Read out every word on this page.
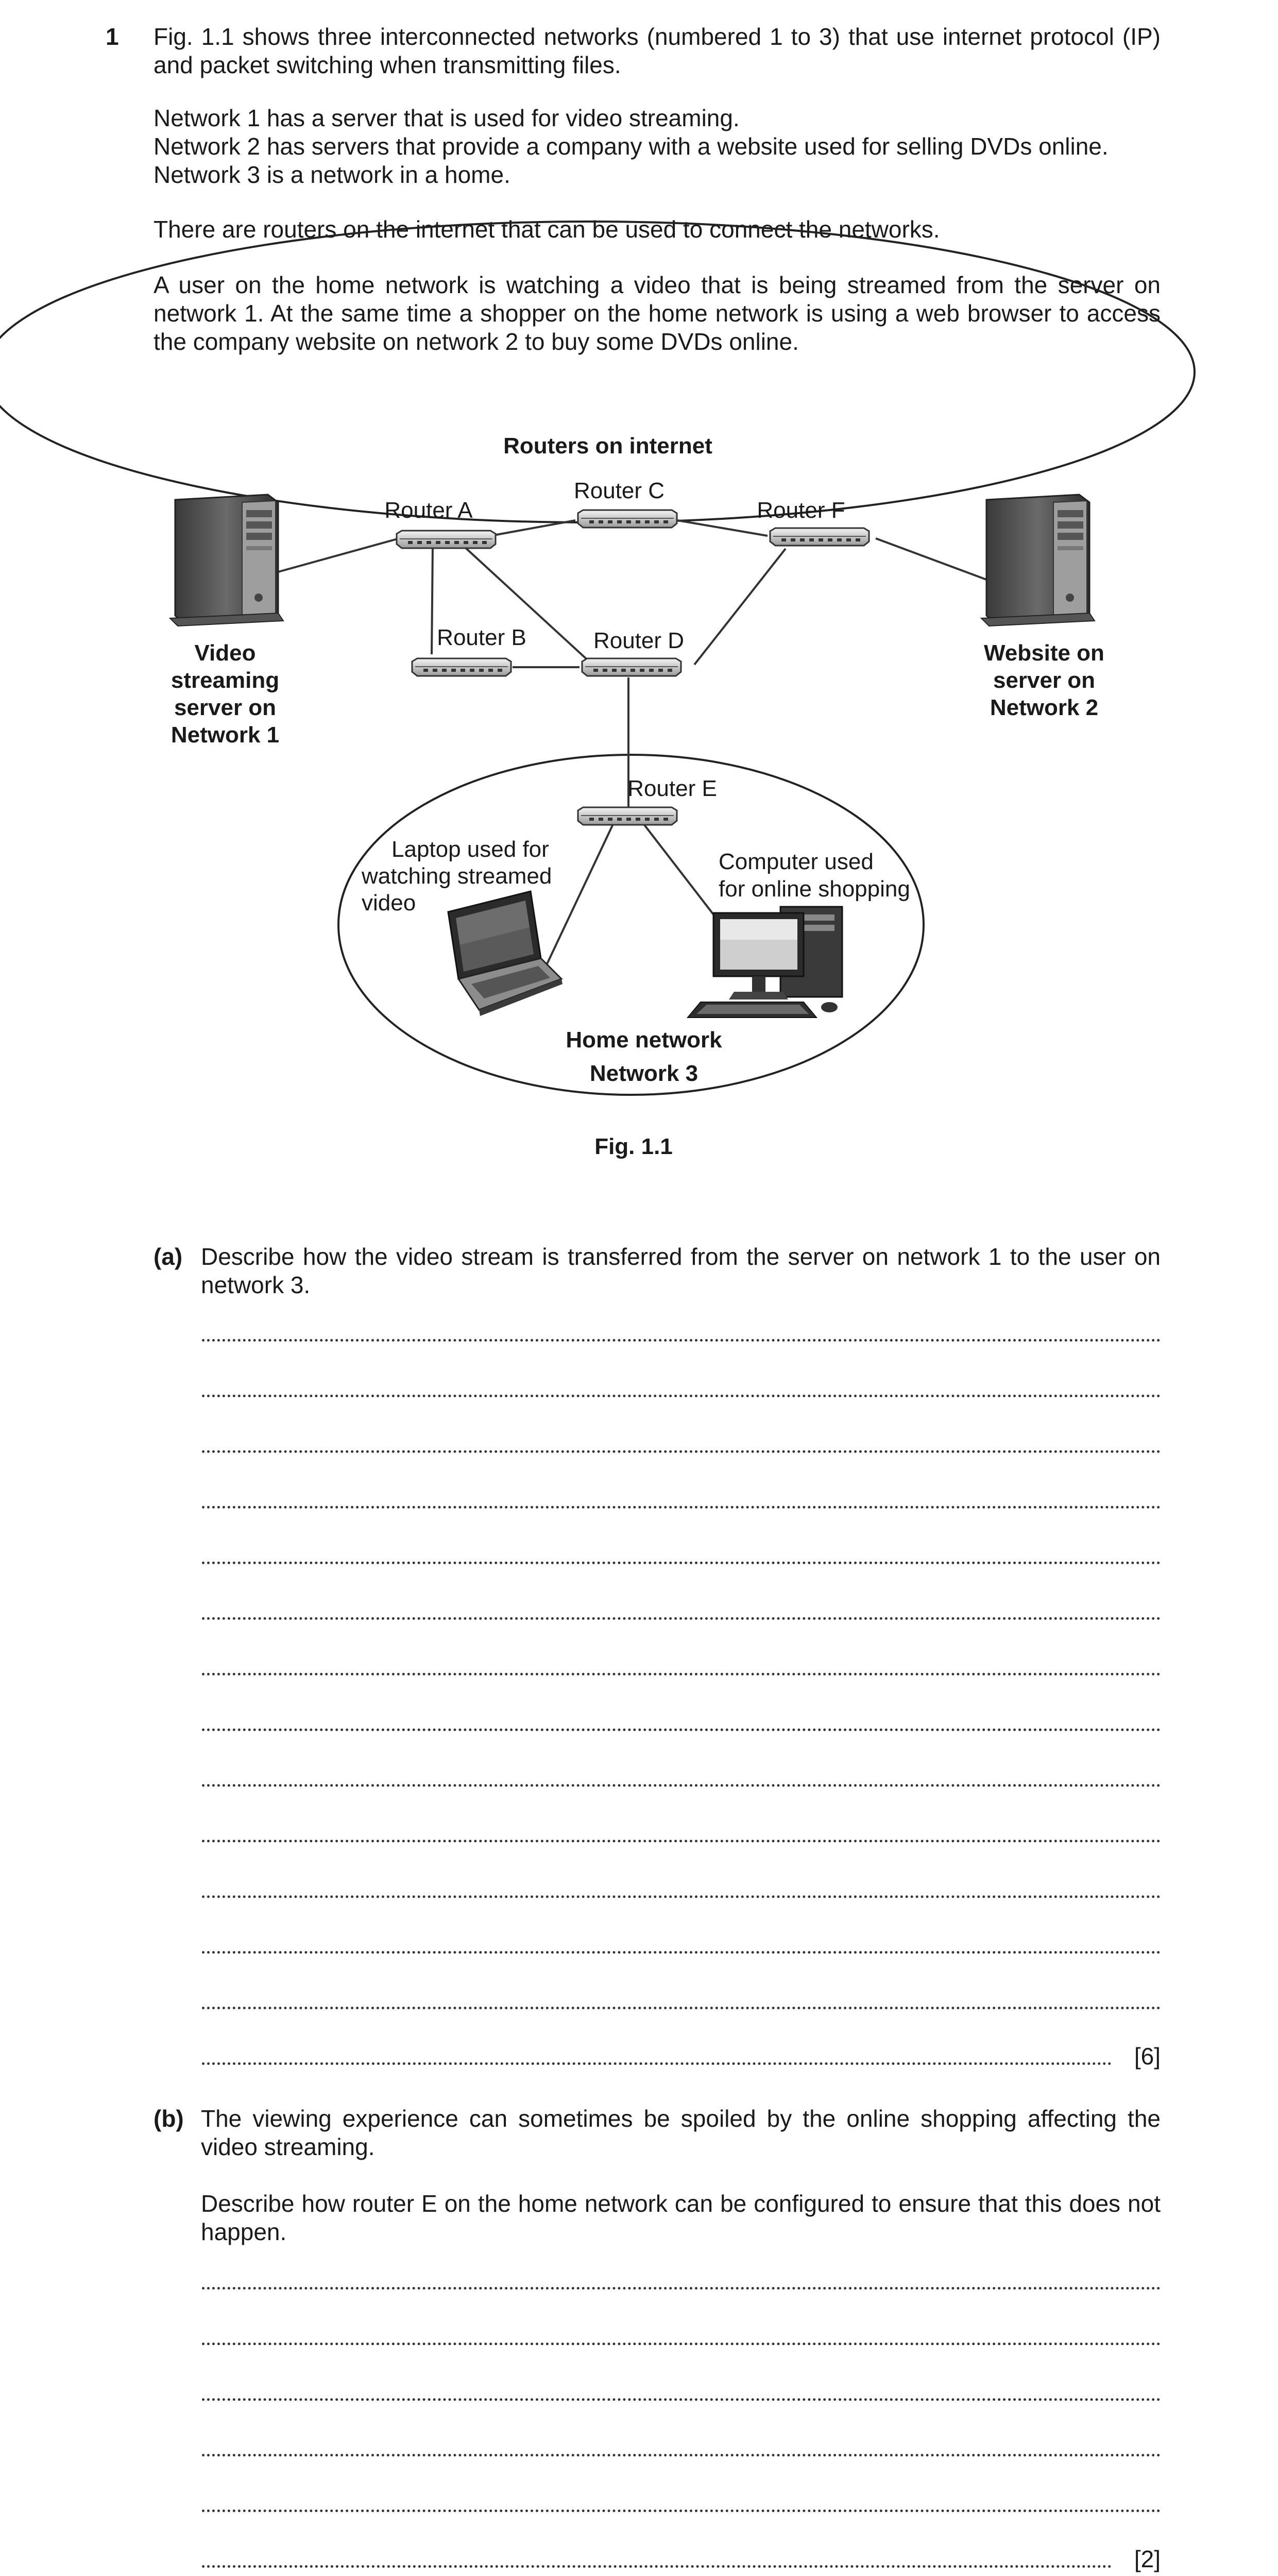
1 Fig. 1.1 shows three interconnected networks (numbered 1 to 3) that use internet protocol (IP) and packet switching when transmitting files.

Network 1 has a server that is used for video streaming.

Network 2 has servers that provide a company with a website used for selling DVDs online.

Network 3 is a network in a home.

There are routers on the internet that can be used to connect the networks.

A user on the home network is watching a video that is being streamed from the server on network 1. At the same time a shopper on the home network is using a web browser to access the company website on network 2 to buy some DVDs online.

Routers on internet
Router A
Router C
Router F
Router B	Router D
Router E
Video
streaming
server on
Network 1
Website on
server on
Network 2
Laptop used for
watching streamed
video
Computer used
for online shopping
Home network
Network 3
Fig. 1.1
(a) Describe how the video stream is transferred from the server on network 1 to the user on network 3.

[6]
(b) The viewing experience can sometimes be spoiled by the online shopping affecting the video streaming.

Describe how router E on the home network can be configured to ensure that this does not happen.

[2]
